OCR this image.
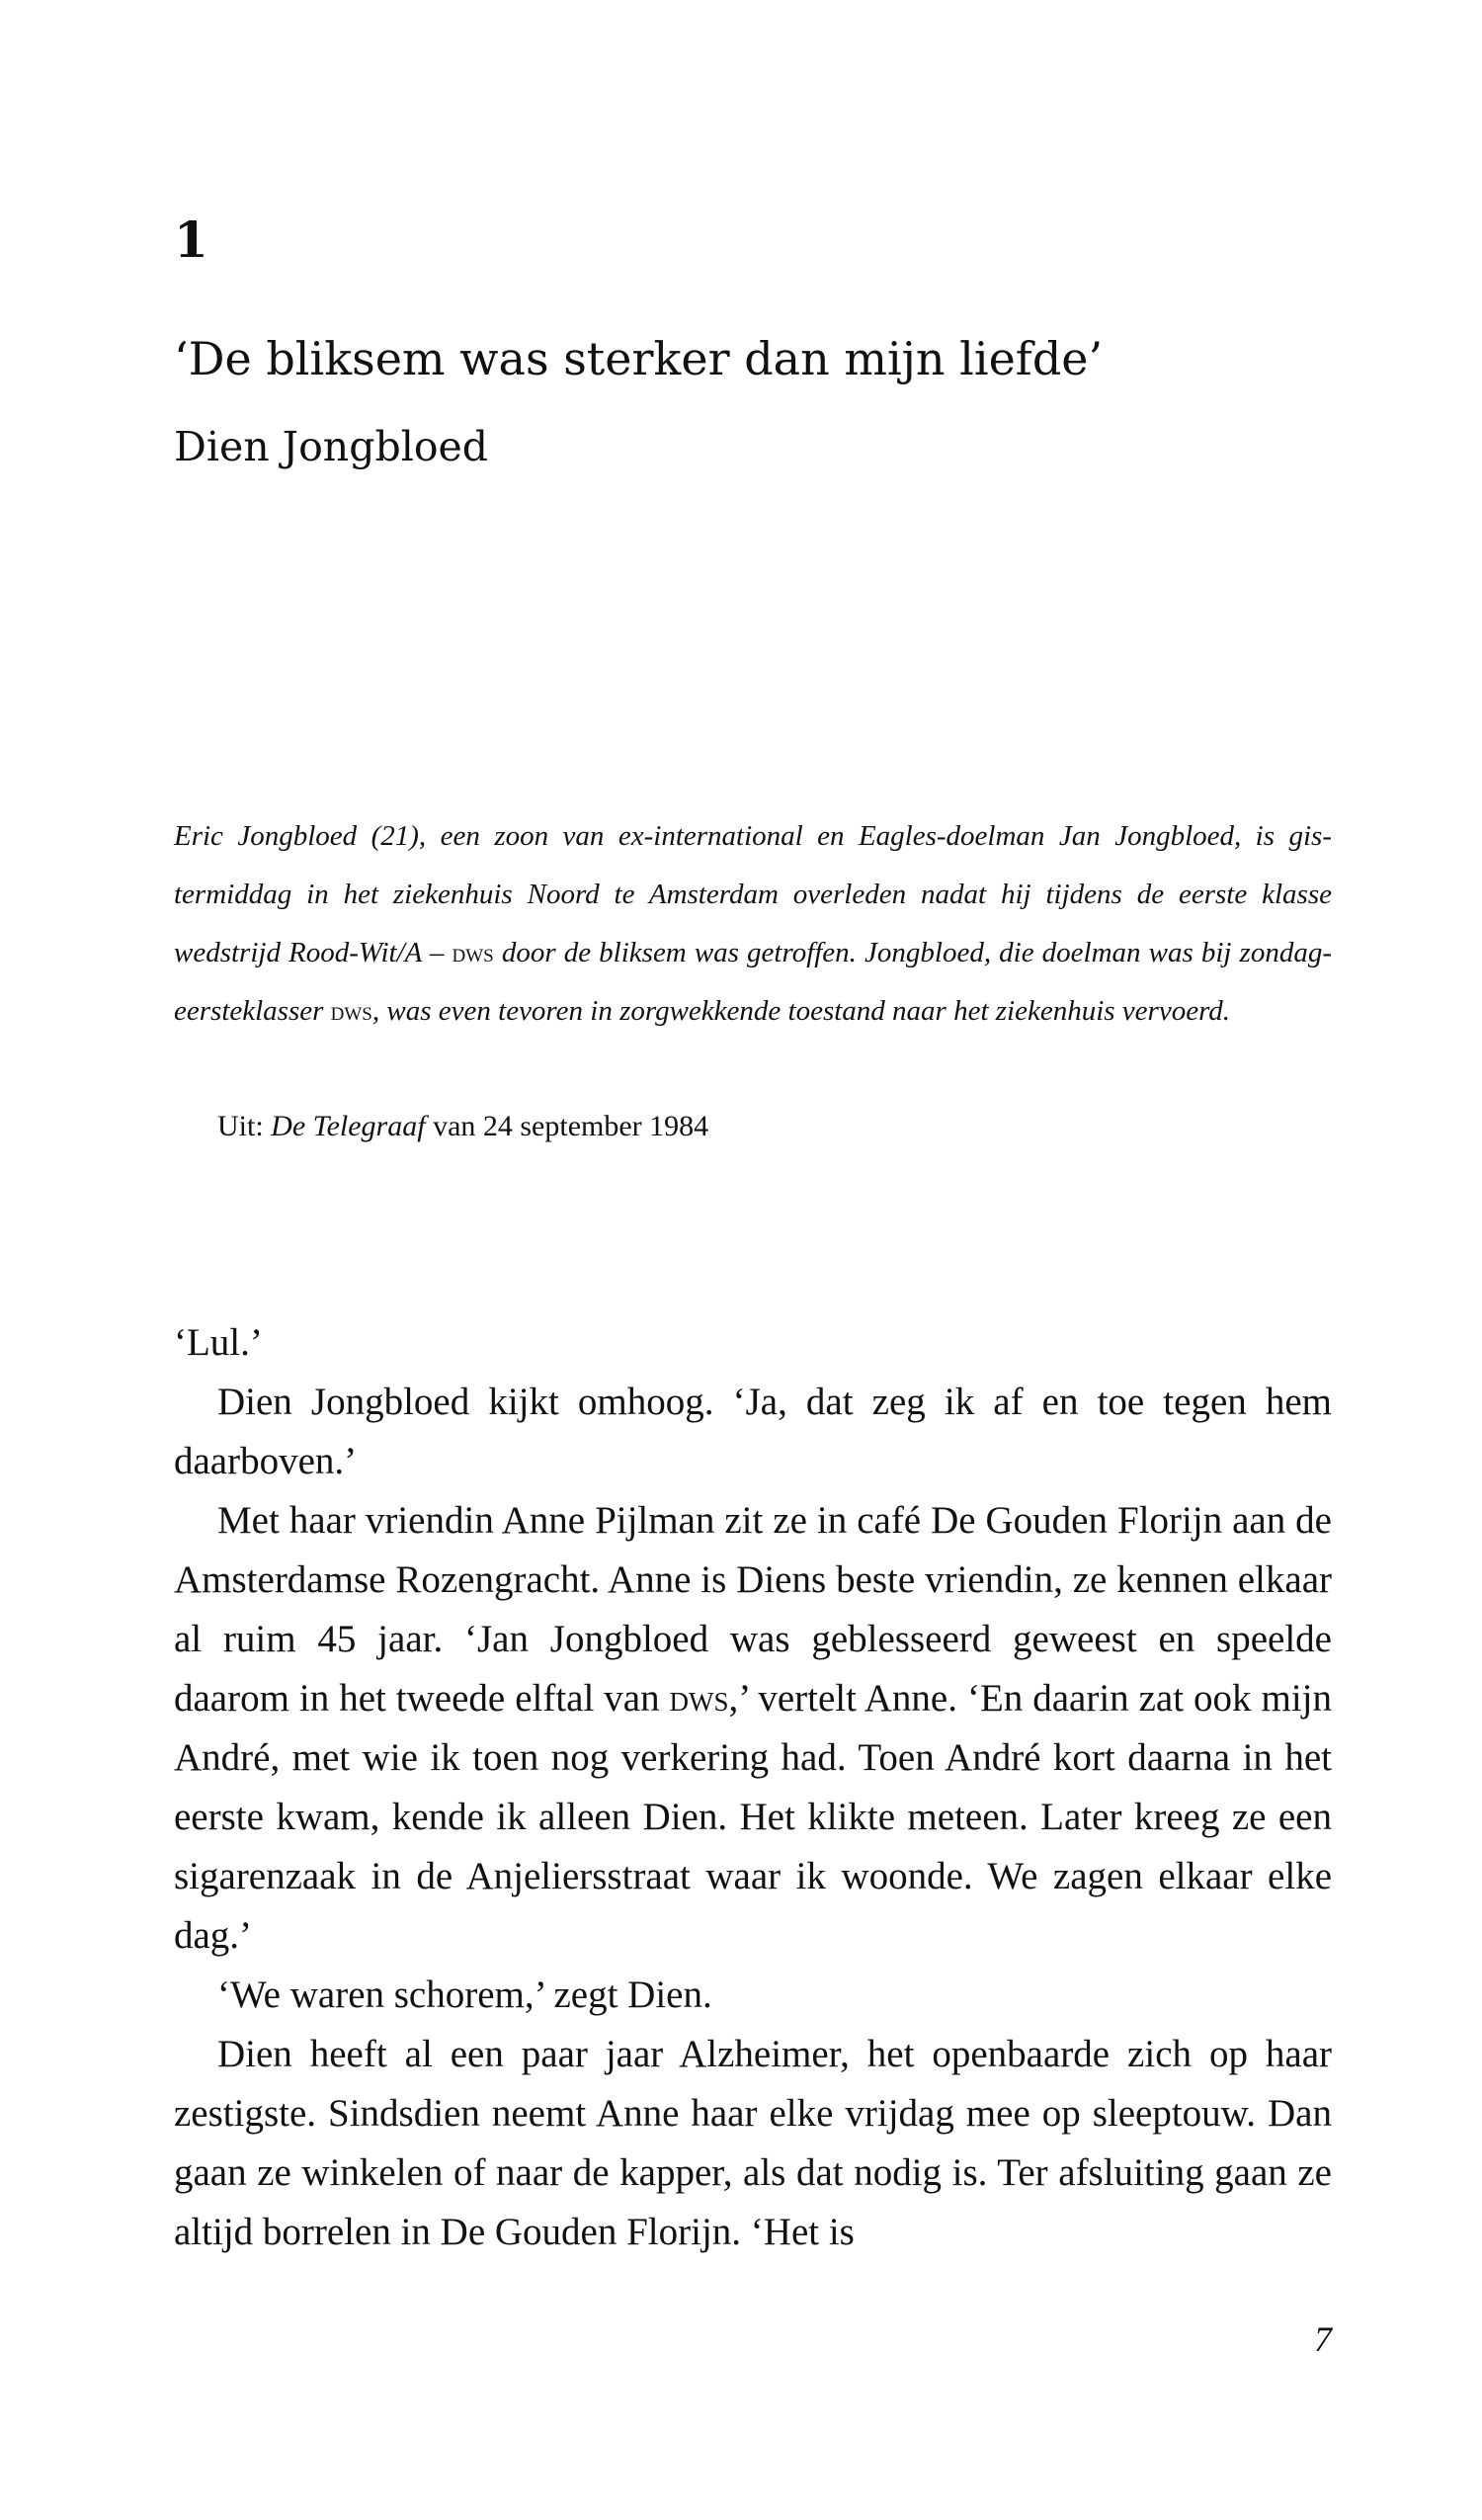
1
‘De bliksem was sterker dan mijn liefde’
Dien Jongbloed

Eric Jongbloed (21), een zoon van ex-international en Eagles-doelman Jan Jongbloed, is gistermiddag in het ziekenhuis Noord te Amsterdam overleden nadat hij tijdens de eerste klasse wedstrijd Rood-Wit/A – dws door de bliksem was getroffen. Jongbloed, die doelman was bij zondag-eersteklasser dws, was even tevoren in zorgwekkende toestand naar het ziekenhuis vervoerd.

Uit: De Telegraaf van 24 september 1984

‘Lul.’

Dien Jongbloed kijkt omhoog. ‘Ja, dat zeg ik af en toe tegen hem daarboven.’

Met haar vriendin Anne Pijlman zit ze in café De Gouden Florijn aan de Amsterdamse Rozengracht. Anne is Diens beste vriendin, ze kennen elkaar al ruim 45 jaar. ‘Jan Jongbloed was geblesseerd geweest en speelde daarom in het tweede elftal van dws,’ vertelt Anne. ‘En daarin zat ook mijn André, met wie ik toen nog verkering had. Toen André kort daarna in het eerste kwam, kende ik alleen Dien. Het klikte meteen. Later kreeg ze een sigarenzaak in de Anjeliersstraat waar ik woonde. We zagen elkaar elke dag.’

‘We waren schorem,’ zegt Dien.

Dien heeft al een paar jaar Alzheimer, het openbaarde zich op haar zestigste. Sindsdien neemt Anne haar elke vrijdag mee op sleeptouw. Dan gaan ze winkelen of naar de kapper, als dat nodig is. Ter afsluiting gaan ze altijd borrelen in De Gouden Florijn. ‘Het is

7
